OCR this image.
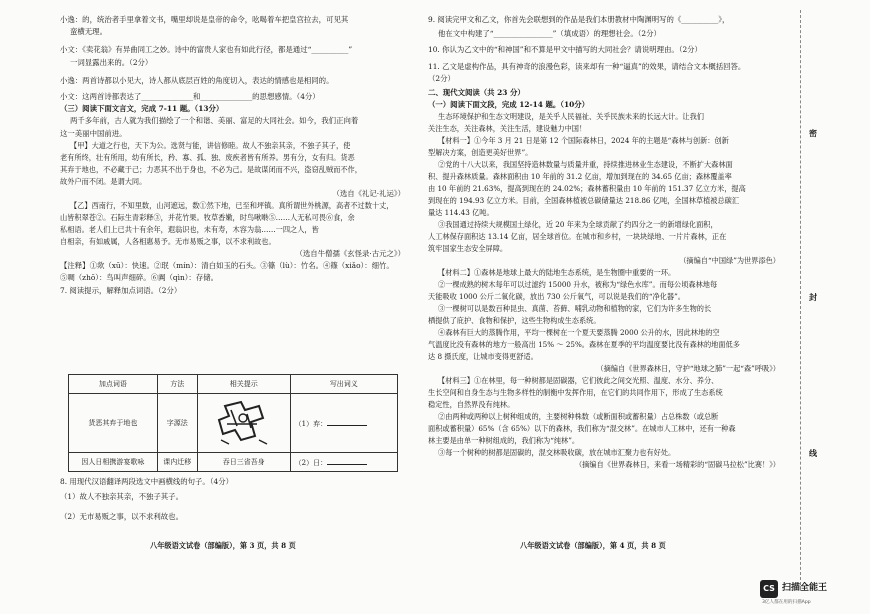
小逸：的，统治者手里拿着文书，嘴里却说是皇帝的命令，吆喝着车把皇宫拉去，可见其

蛮横无理。

小文：《卖花翁》有异曲同工之妙。诗中的富贵人家也有如此行径，都是通过“__________”

一词显露出来的。（2分）

小逸：两首诗都以小见大，诗人都从底层百姓的角度切入，表达的情感也是相同的。

小文：这两首诗都表达了______________和______________的思想感情。（4分）

（三）阅读下面文言文，完成 7-11 题。（13分）

两千多年前，古人就为我们描绘了一个和谐、美丽、富足的大同社会。如今，我们正向着

这一美丽中国前进。

【甲】大道之行也，天下为公。选贤与能，讲信修睦。故人不独亲其亲，不独子其子，使

老有所终，壮有所用，幼有所长，矜、寡、孤、独、废疾者皆有所养。男有分，女有归。货恶

其弃于地也，不必藏于己；力恶其不出于身也，不必为己。是故谋闭而不兴，盗窃乱贼而不作，

故外户而不闭。是谓大同。

（选自《礼记·礼运》）

【乙】西南行，不知里数，山河遮远，数①然下地，已至和坪镇。真所谓世外桃源，高者不过数十丈，

山皆积翠苍②。石际生青彩释③，并花竹果。牧草香嫩，时鸟啾啭⑤……人无私可畏⑥食，余

私相语。老人们上已共十有余年，遐翁识也，未有寿，木容为翁……一四之人，皆

自相亲，有如戚属，人各相惠易予。无市易贩之事，以不求利故也。

（选自牛僧孺《玄怪录·古元之》）

【注释】①欻（xū）：快速。②珉（mín）：清白如玉的石头。③篠（lù）：竹名。④篠（xiǎo）：细竹。

⑤啁（zhō）：鸟叫声细碎。⑥阗（qìn）：存储。

7. 阅读提示，解释加点词语。（2分）

加点词语	方法	相关提示	写出词义
货恶其弃于地也	字源法		（1）弃：
因人日相携游宴歌咏	课内迁移	吞日三省吾身	（2）日：

8. 用现代汉语翻译两段选文中画横线的句子。（4分）

（1）故人不独亲其亲，不独子其子。

（2）无市易贩之事，以不求利故也。

八年级语文试卷（部编版），第 3 页，共 8 页

9. 阅读完甲文和乙文，你首先会联想到的作品是我们本册教材中陶渊明写的《__________》，

他在文中构建了“________________”（填成语）的理想社会。（2分）

10. 你认为乙文中的“和神国”和不算是甲文中描写的大同社会？请说明理由。（2分）

11. 乙文是虚构作品，具有神奇的浪漫色彩，读来却有一种“逼真”的效果，请结合文本概括回答。

（2分）

二、现代文阅读（共 23 分）

（一）阅读下面文段，完成 12-14 题。（10分）

生态环境保护和生态文明建设，是关乎人民福祉、关乎民族未来的长远大计。让我们

关注生态，关注森林，关注生活，建设魅力中国！

【材料一】①今年 3 月 21 日是第 12 个国际森林日，2024 年的主题是“森林与创新：创新

型解决方案，创造更美好世界”。

②党的十八大以来，我国坚持造林数量与质量并重，持续推进林业生态建设，不断扩大森林面

积、提升森林质量。森林面积由 10 年前的 31.2 亿亩，增加到现在的 34.65 亿亩；森林覆盖率

由 10 年前的 21.63%，提高到现在的 24.02%；森林蓄积量由 10 年前的 151.37 亿立方米，提高

到现在的 194.93 亿立方米。目前，全国森林植被总碳储量达 218.86 亿吨，全国林草植被总碳汇

量达 114.43 亿吨。

③我国通过持续大规模国土绿化，近 20 年来为全球贡献了约四分之一的新增绿化面积，

人工林保存面积达 13.14 亿亩，居全球首位。在城市和乡村，一块块绿地、一片片森林，正在

筑牢国家生态安全屏障。

（摘编自“中国绿”为世界添色）

【材料二】①森林是地球上最大的陆地生态系统，是生物圈中重要的一环。

②一棵成熟的树木每年可以过滤约 15000 升水，被称为“绿色水库”。而每公顷森林地每

天能吸收 1000 公斤二氧化碳，放出 730 公斤氧气，可以说是我们的“净化器”。

③一棵树可以是数百种昆虫、真菌、苔藓、哺乳动物和植物的家，它们为许多生物的长

栖提供了庇护、食物和保护，这些生物构成生态系统。

④森林有巨大的蒸腾作用，平均一棵树在一个夏天要蒸腾 2000 公升的水，因此林地的空

气温度比没有森林的地方一般高出 15% ～ 25%。森林在夏季的平均温度要比没有森林的地面低多

达 8 摄氏度，让城市变得更舒适。

（摘编自《世界森林日，守护“地球之肺”一起“森”呼吸》）

【材料三】①在林里，每一种树都是固碳器，它们彼此之间交光照、温度、水分、养分、

生长空间和自身生态与生物多样性的制衡中发挥作用，在它们的共同作用下，形成了生态系统

稳定性，自然界没有纯林。

②由两种或两种以上树种组成的，主要树种株数（或断面积或蓄积量）占总株数（或总断

面积或蓄积量）65%（含 65%）以下的森林，我们称为“混交林”。在城市人工林中，还有一种森

林主要是由单一种树组成的，我们称为“纯林”。

③每一个树种的树都是固碳的，混交林吸收碳，放在城市汇聚力也有好处。

（摘编自《世界森林日，来看一场精彩的“固碳马拉松”比赛！》）

八年级语文试卷（部编版），第 4 页，共 8 页
密
封
线
CS 扫描全能王
3亿人都在用的扫描App
